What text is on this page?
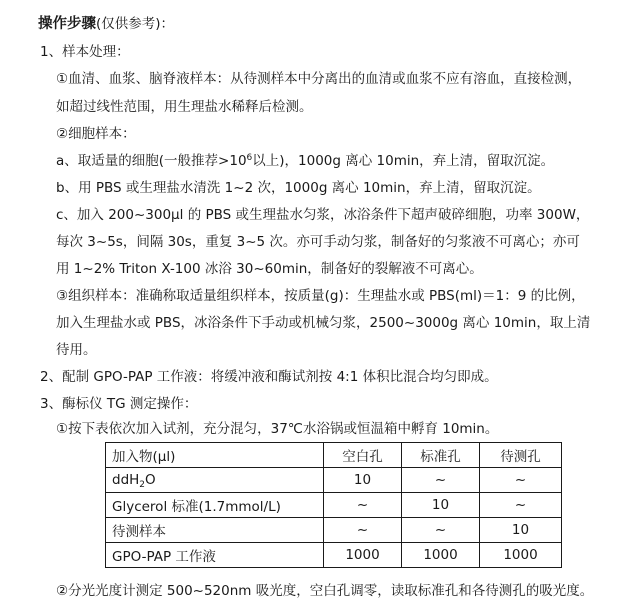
操作步骤(仅供参考)：
1、样本处理：
①血清、血浆、脑脊液样本：从待测样本中分离出的血清或血浆不应有溶血，直接检测，
如超过线性范围，用生理盐水稀释后检测。
②细胞样本：
a、取适量的细胞(一般推荐$>10^6$以上)，1000g 离心 10min，弃上清，留取沉淀。
b、用 PBS 或生理盐水清洗 1~2 次，1000g 离心 10min，弃上清，留取沉淀。
c、加入 200~300μl 的 PBS 或生理盐水匀浆，冰浴条件下超声破碎细胞，功率 300W，
每次 3~5s，间隔 30s，重复 3~5 次。亦可手动匀浆，制备好的匀浆液不可离心；亦可
用 1~2% Triton X-100 冰浴 30~60min，制备好的裂解液不可离心。
③组织样本：准确称取适量组织样本，按质量(g)：生理盐水或 PBS(ml)＝1：9 的比例，
加入生理盐水或 PBS，冰浴条件下手动或机械匀浆，2500~3000g 离心 10min，取上清
待用。
2、配制 GPO-PAP 工作液：将缓冲液和酶试剂按 4:1 体积比混合均匀即成。
3、酶标仪 TG 测定操作：
①按下表依次加入试剂，充分混匀，37℃水浴锅或恒温箱中孵育 10min。
加入物(μl)	空白孔	标准孔	待测孔
ddH$_2$O	10	~	~
Glycerol 标准(1.7mmol/L)	~	10	~
待测样本	~	~	10
GPO-PAP 工作液	1000	1000	1000
②分光光度计测定 500~520nm 吸光度，空白孔调零，读取标准孔和各待测孔的吸光度。
